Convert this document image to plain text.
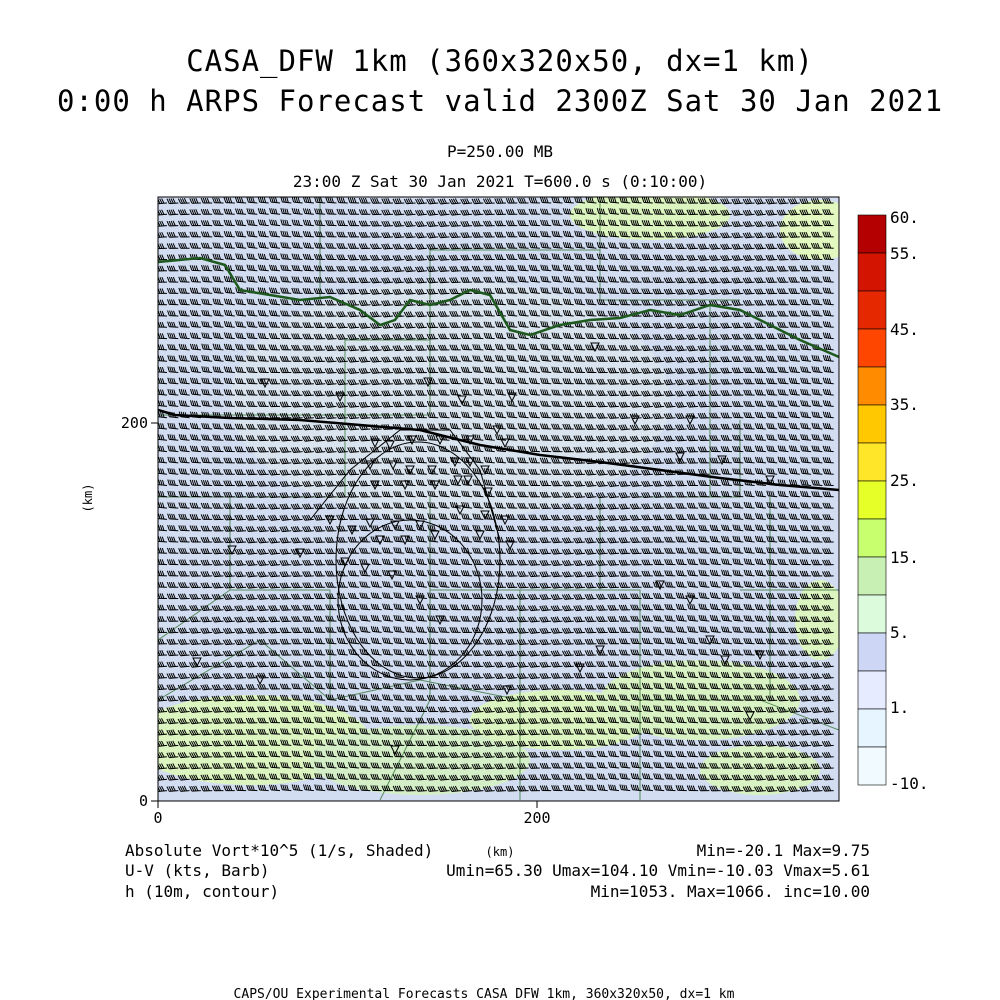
CASA_DFW 1km (360x320x50, dx=1 km)
0:00 h ARPS Forecast valid 2300Z Sat 30 Jan 2021
P=250.00 MB
23:00 Z Sat 30 Jan 2021 T=600.0 s (0:10:00)
0	200
0
200
(km)
(km)
60.
55.
45.
35.
25.
15.
5.
1.
-10.
Absolute Vort*10^5 (1/s, Shaded)
U-V (kts, Barb)
h (10m, contour)
Min=-20.1 Max=9.75
Umin=65.30 Umax=104.10 Vmin=-10.03 Vmax=5.61
Min=1053. Max=1066. inc=10.00
CAPS/OU Experimental Forecasts CASA DFW 1km, 360x320x50, dx=1 km
